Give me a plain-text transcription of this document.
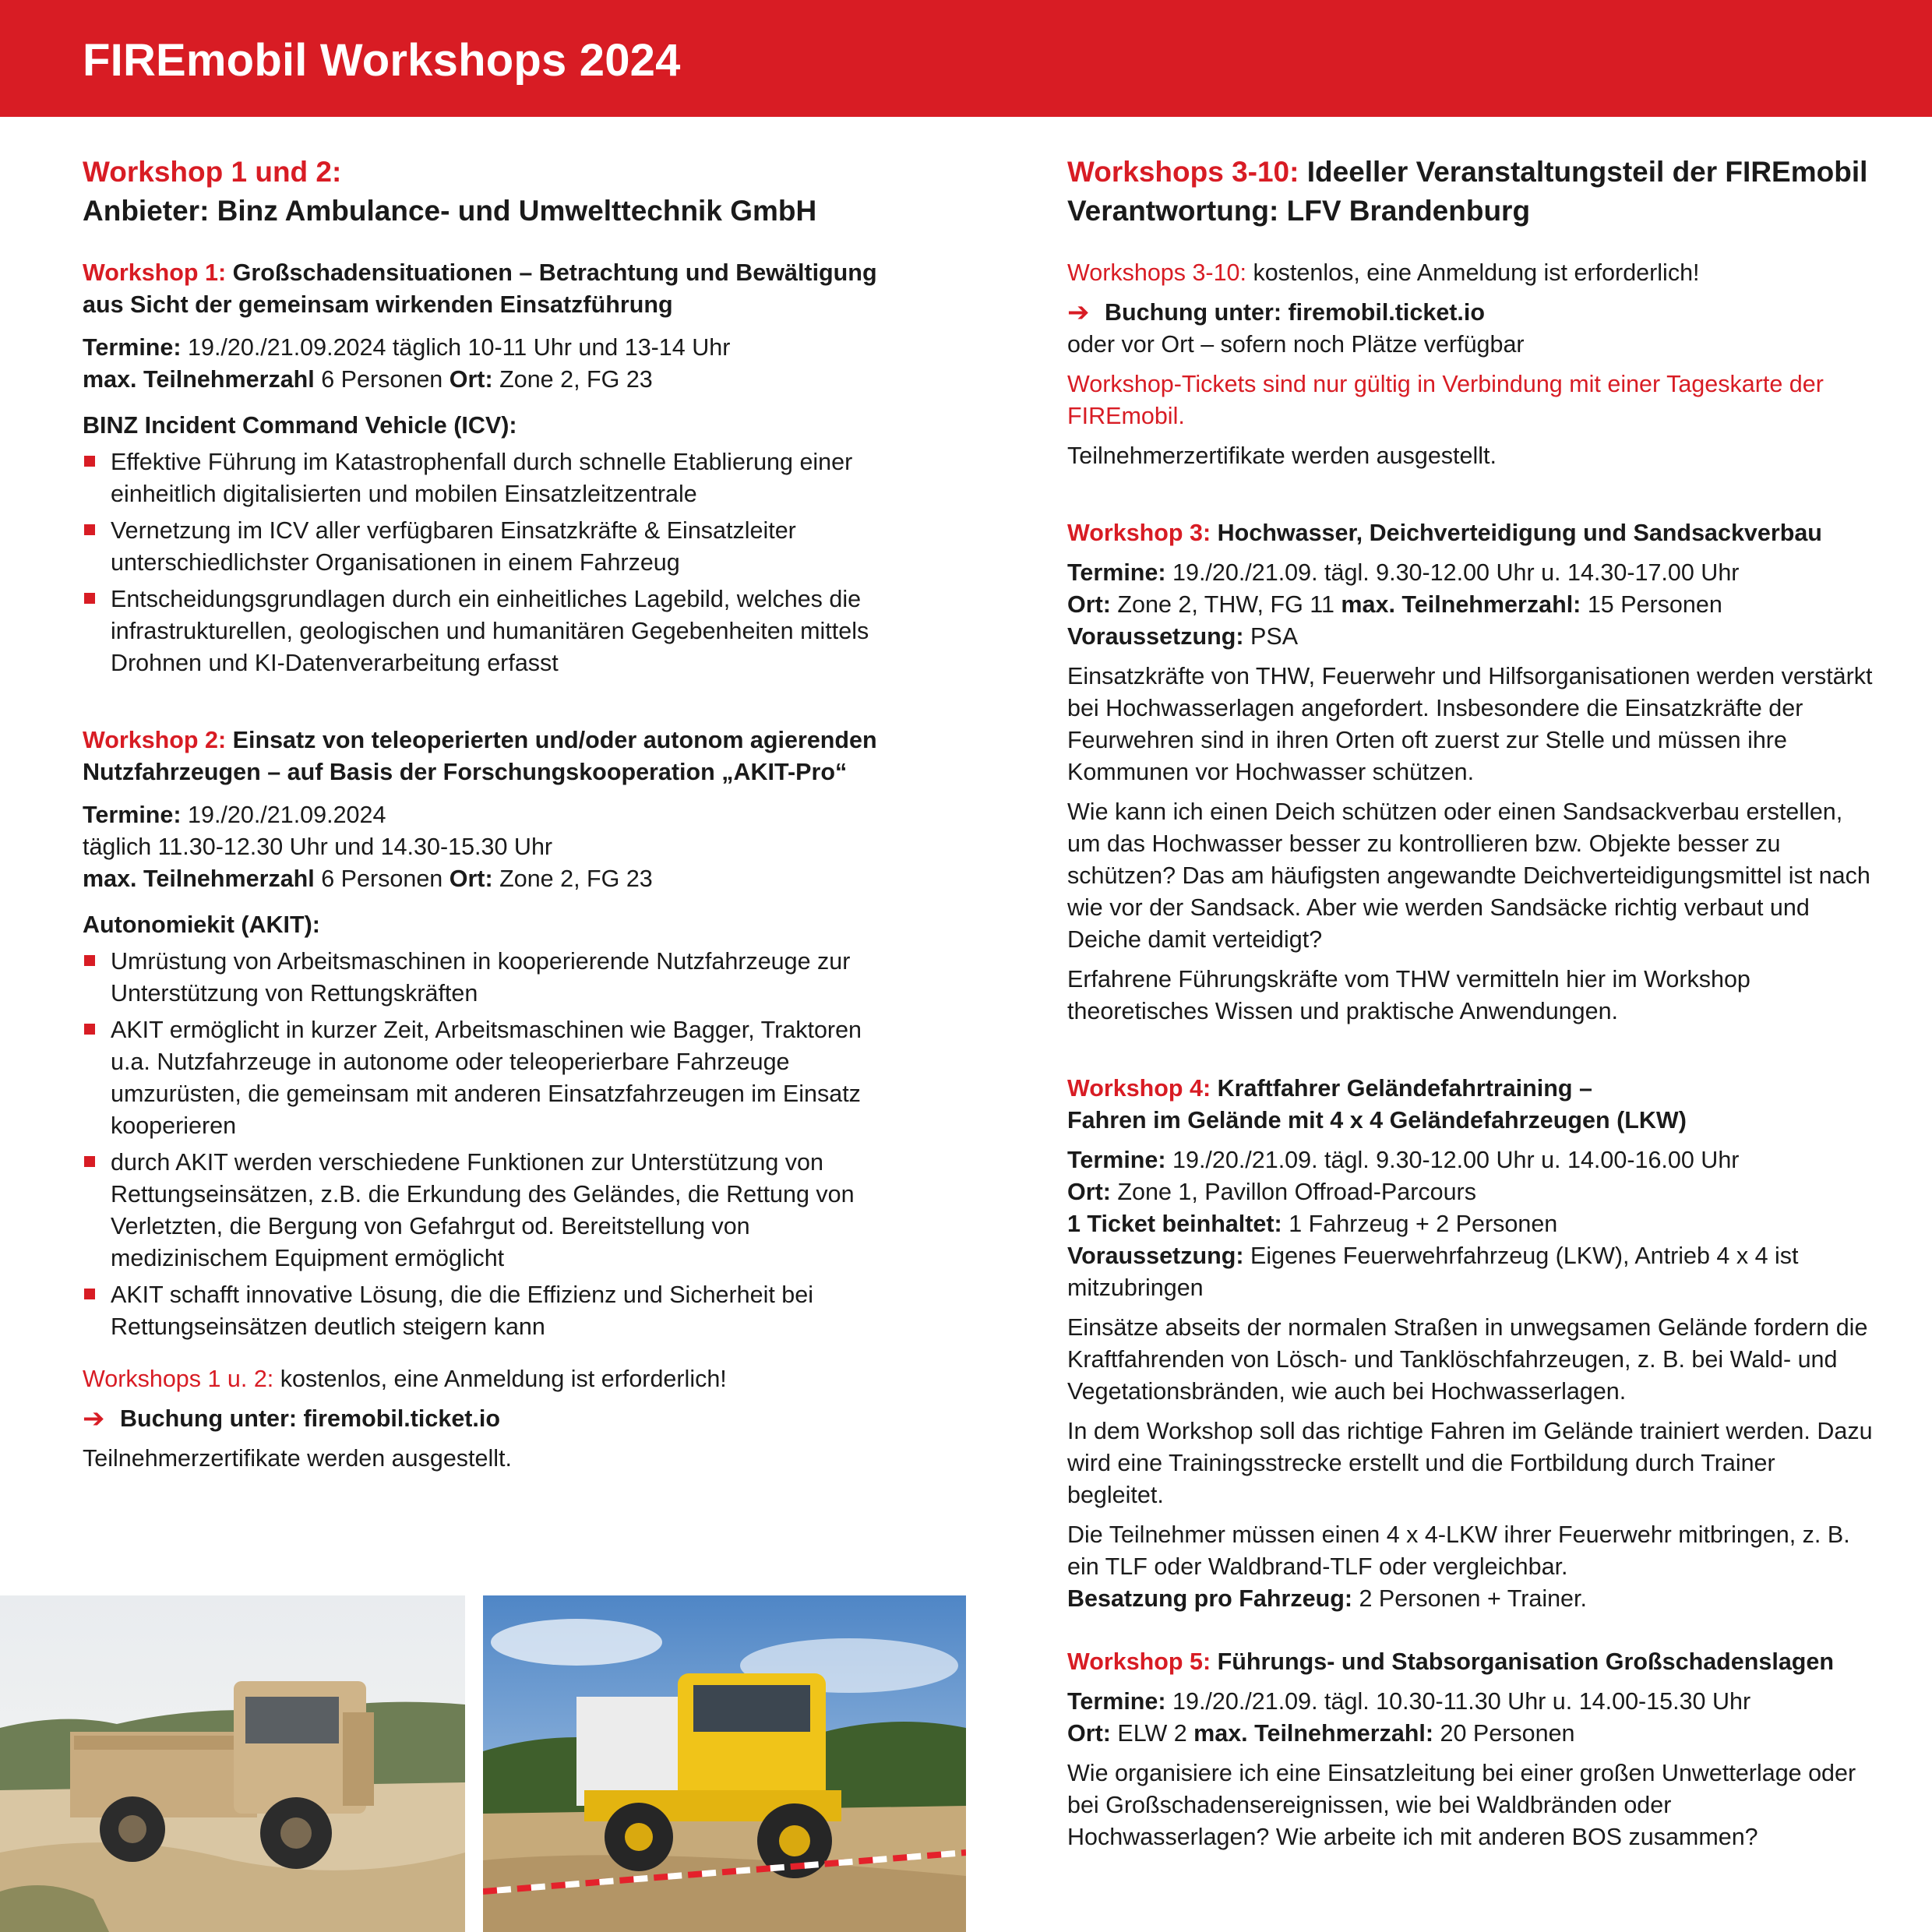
FIREmobil Workshops 2024
Workshop 1 und 2:
Anbieter: Binz Ambulance- und Umwelttechnik GmbH
Workshop 1: Großschadensituationen – Betrachtung und Bewältigung aus Sicht der gemeinsam wirkenden Einsatzführung
Termine: 19./20./21.09.2024 täglich 10-11 Uhr und 13-14 Uhr
max. Teilnehmerzahl 6 Personen Ort: Zone 2, FG 23
BINZ Incident Command Vehicle (ICV):
Effektive Führung im Katastrophenfall durch schnelle Etablierung einer einheitlich digitalisierten und mobilen Einsatzleitzentrale
Vernetzung im ICV aller verfügbaren Einsatzkräfte & Einsatzleiter unterschiedlichster Organisationen in einem Fahrzeug
Entscheidungsgrundlagen durch ein einheitliches Lagebild, welches die infrastrukturellen, geologischen und humanitären Gegebenheiten mittels Drohnen und KI-Datenverarbeitung erfasst
Workshop 2: Einsatz von teleoperierten und/oder autonom agierenden Nutzfahrzeugen – auf Basis der Forschungskooperation „AKIT-Pro“
Termine: 19./20./21.09.2024
täglich 11.30-12.30 Uhr und 14.30-15.30 Uhr
max. Teilnehmerzahl 6 Personen Ort: Zone 2, FG 23
Autonomiekit (AKIT):
Umrüstung von Arbeitsmaschinen in kooperierende Nutzfahrzeuge zur Unterstützung von Rettungskräften
AKIT ermöglicht in kurzer Zeit, Arbeitsmaschinen wie Bagger, Traktoren u.a. Nutzfahrzeuge in autonome oder teleoperierbare Fahrzeuge umzurüsten, die gemeinsam mit anderen Einsatzfahrzeugen im Einsatz kooperieren
durch AKIT werden verschiedene Funktionen zur Unterstützung von Rettungseinsätzen, z.B. die Erkundung des Geländes, die Rettung von Verletzten, die Bergung von Gefahrgut od. Bereitstellung von medizinischem Equipment ermöglicht
AKIT schafft innovative Lösung, die die Effizienz und Sicherheit bei Rettungseinsätzen deutlich steigern kann
Workshops 1 u. 2: kostenlos, eine Anmeldung ist erforderlich!
➔ Buchung unter: firemobil.ticket.io
Teilnehmerzertifikate werden ausgestellt.
Workshops 3-10: Ideeller Veranstaltungsteil der FIREmobil
Verantwortung: LFV Brandenburg
Workshops 3-10: kostenlos, eine Anmeldung ist erforderlich!
➔ Buchung unter: firemobil.ticket.io
oder vor Ort – sofern noch Plätze verfügbar
Workshop-Tickets sind nur gültig in Verbindung mit einer Tageskarte der FIREmobil.
Teilnehmerzertifikate werden ausgestellt.
Workshop 3: Hochwasser, Deichverteidigung und Sandsackverbau
Termine: 19./20./21.09. tägl. 9.30-12.00 Uhr u. 14.30-17.00 Uhr
Ort: Zone 2, THW, FG 11 max. Teilnehmerzahl: 15 Personen
Voraussetzung: PSA
Einsatzkräfte von THW, Feuerwehr und Hilfsorganisationen werden verstärkt bei Hochwasserlagen angefordert. Insbesondere die Einsatzkräfte der Feurwehren sind in ihren Orten oft zuerst zur Stelle und müssen ihre Kommunen vor Hochwasser schützen.
Wie kann ich einen Deich schützen oder einen Sandsackverbau erstellen, um das Hochwasser besser zu kontrollieren bzw. Objekte besser zu schützen? Das am häufigsten angewandte Deichverteidigungsmittel ist nach wie vor der Sandsack. Aber wie werden Sandsäcke richtig verbaut und Deiche damit verteidigt?
Erfahrene Führungskräfte vom THW vermitteln hier im Workshop theoretisches Wissen und praktische Anwendungen.
Workshop 4: Kraftfahrer Geländefahrtraining –
Fahren im Gelände mit 4 x 4 Geländefahrzeugen (LKW)
Termine: 19./20./21.09. tägl. 9.30-12.00 Uhr u. 14.00-16.00 Uhr
Ort: Zone 1, Pavillon Offroad-Parcours
1 Ticket beinhaltet: 1 Fahrzeug + 2 Personen
Voraussetzung: Eigenes Feuerwehrfahrzeug (LKW), Antrieb 4 x 4 ist mitzubringen
Einsätze abseits der normalen Straßen in unwegsamen Gelände fordern die Kraftfahrenden von Lösch- und Tanklöschfahrzeugen, z. B. bei Wald- und Vegetationsbränden, wie auch bei Hochwasserlagen.
In dem Workshop soll das richtige Fahren im Gelände trainiert werden. Dazu wird eine Trainingsstrecke erstellt und die Fortbildung durch Trainer begleitet.
Die Teilnehmer müssen einen 4 x 4-LKW ihrer Feuerwehr mitbringen, z. B. ein TLF oder Waldbrand-TLF oder vergleichbar.
Besatzung pro Fahrzeug: 2 Personen + Trainer.
Workshop 5: Führungs- und Stabsorganisation Großschadenslagen
Termine: 19./20./21.09. tägl. 10.30-11.30 Uhr u. 14.00-15.30 Uhr
Ort: ELW 2 max. Teilnehmerzahl: 20 Personen
Wie organisiere ich eine Einsatzleitung bei einer großen Unwetterlage oder bei Großschadensereignissen, wie bei Waldbränden oder Hochwasserlagen? Wie arbeite ich mit anderen BOS zusammen?
